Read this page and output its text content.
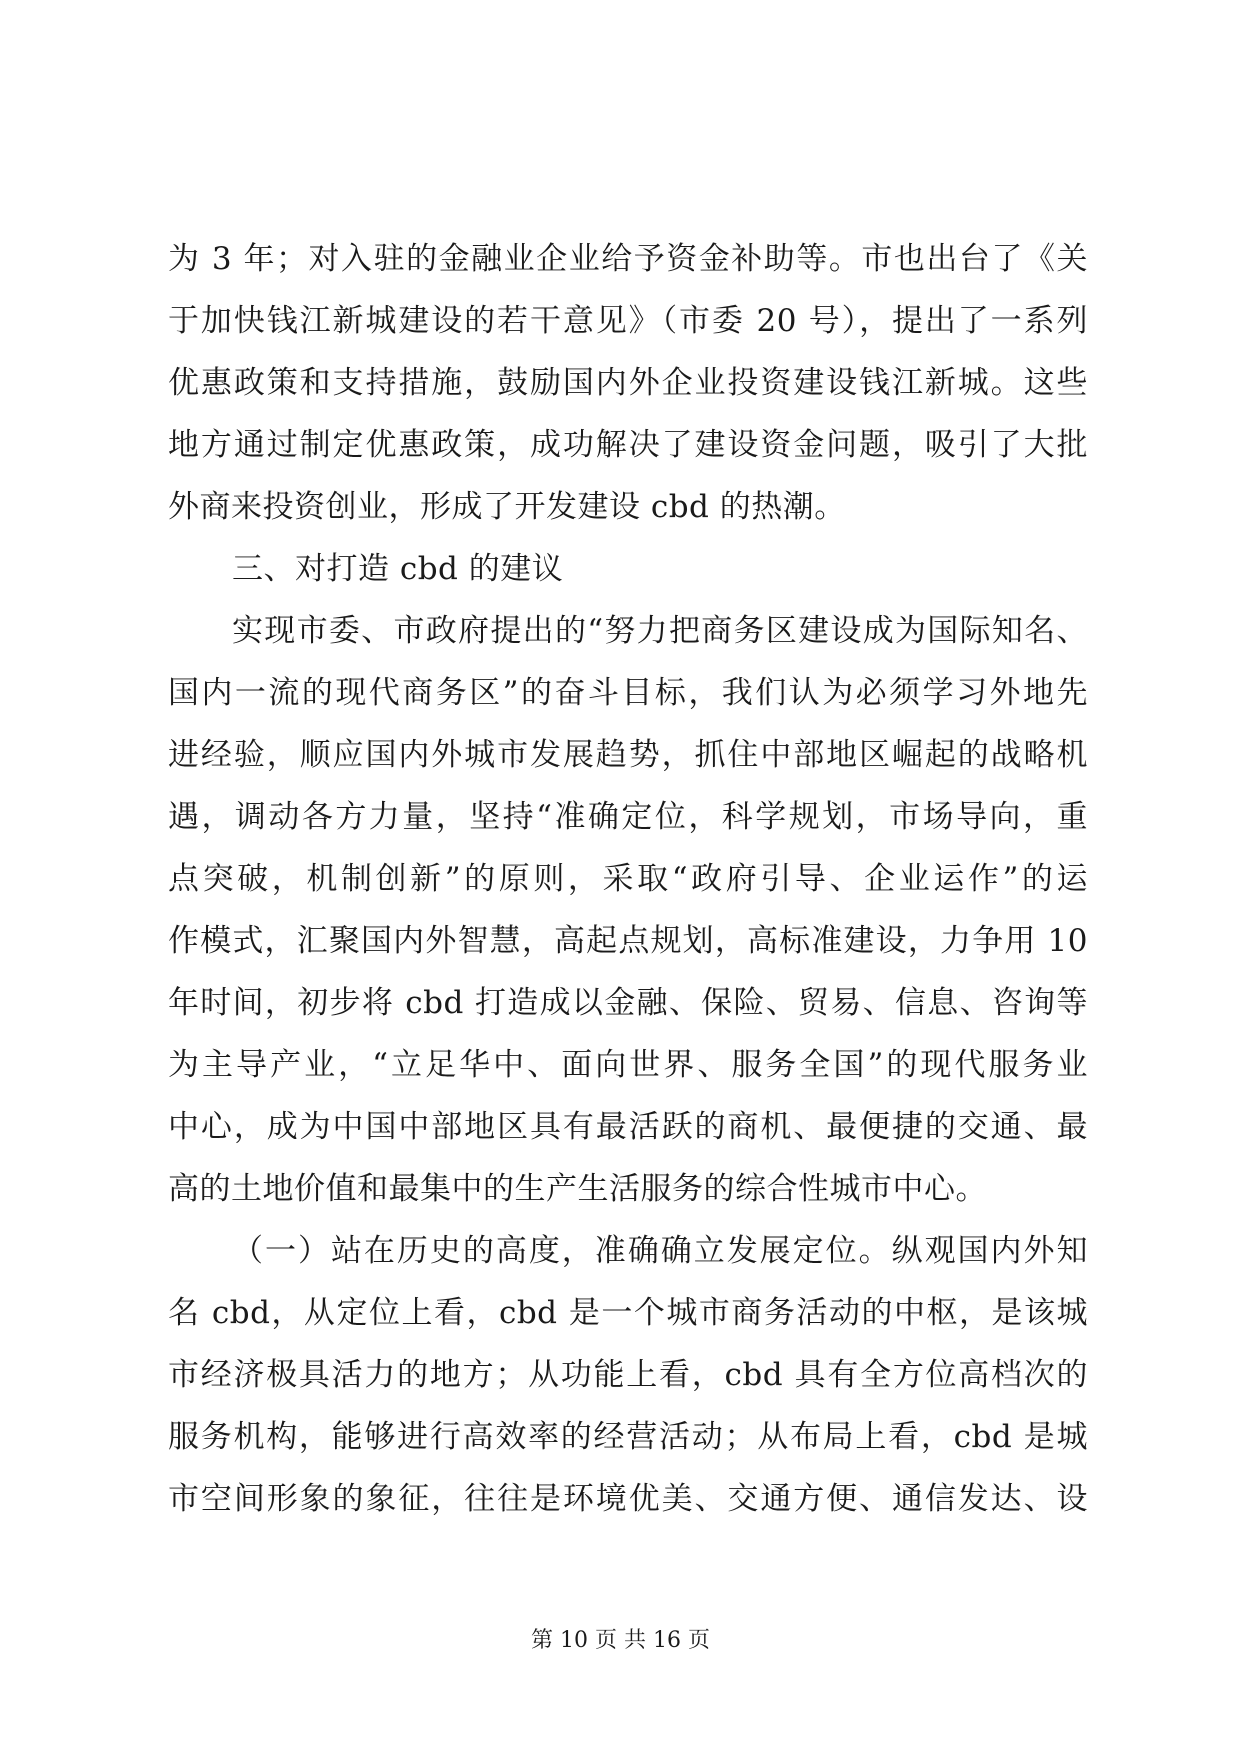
为 3 年；对入驻的金融业企业给予资金补助等。市也出台了《关
于加快钱江新城建设的若干意见》（市委 20 号），提出了一系列
优惠政策和支持措施，鼓励国内外企业投资建设钱江新城。这些
地方通过制定优惠政策，成功解决了建设资金问题，吸引了大批
外商来投资创业，形成了开发建设 cbd 的热潮。
三、对打造 cbd 的建议
实现市委、市政府提出的“努力把商务区建设成为国际知名、
国内一流的现代商务区”的奋斗目标，我们认为必须学习外地先
进经验，顺应国内外城市发展趋势，抓住中部地区崛起的战略机
遇，调动各方力量，坚持“准确定位，科学规划，市场导向，重
点突破，机制创新”的原则，采取“政府引导、企业运作”的运
作模式，汇聚国内外智慧，高起点规划，高标准建设，力争用 10
年时间，初步将 cbd 打造成以金融、保险、贸易、信息、咨询等
为主导产业，“立足华中、面向世界、服务全国”的现代服务业
中心，成为中国中部地区具有最活跃的商机、最便捷的交通、最
高的土地价值和最集中的生产生活服务的综合性城市中心。
（一）站在历史的高度，准确确立发展定位。纵观国内外知
名 cbd，从定位上看，cbd 是一个城市商务活动的中枢，是该城
市经济极具活力的地方；从功能上看，cbd 具有全方位高档次的
服务机构，能够进行高效率的经营活动；从布局上看，cbd 是城
市空间形象的象征，往往是环境优美、交通方便、通信发达、设
第 10 页 共 16 页
